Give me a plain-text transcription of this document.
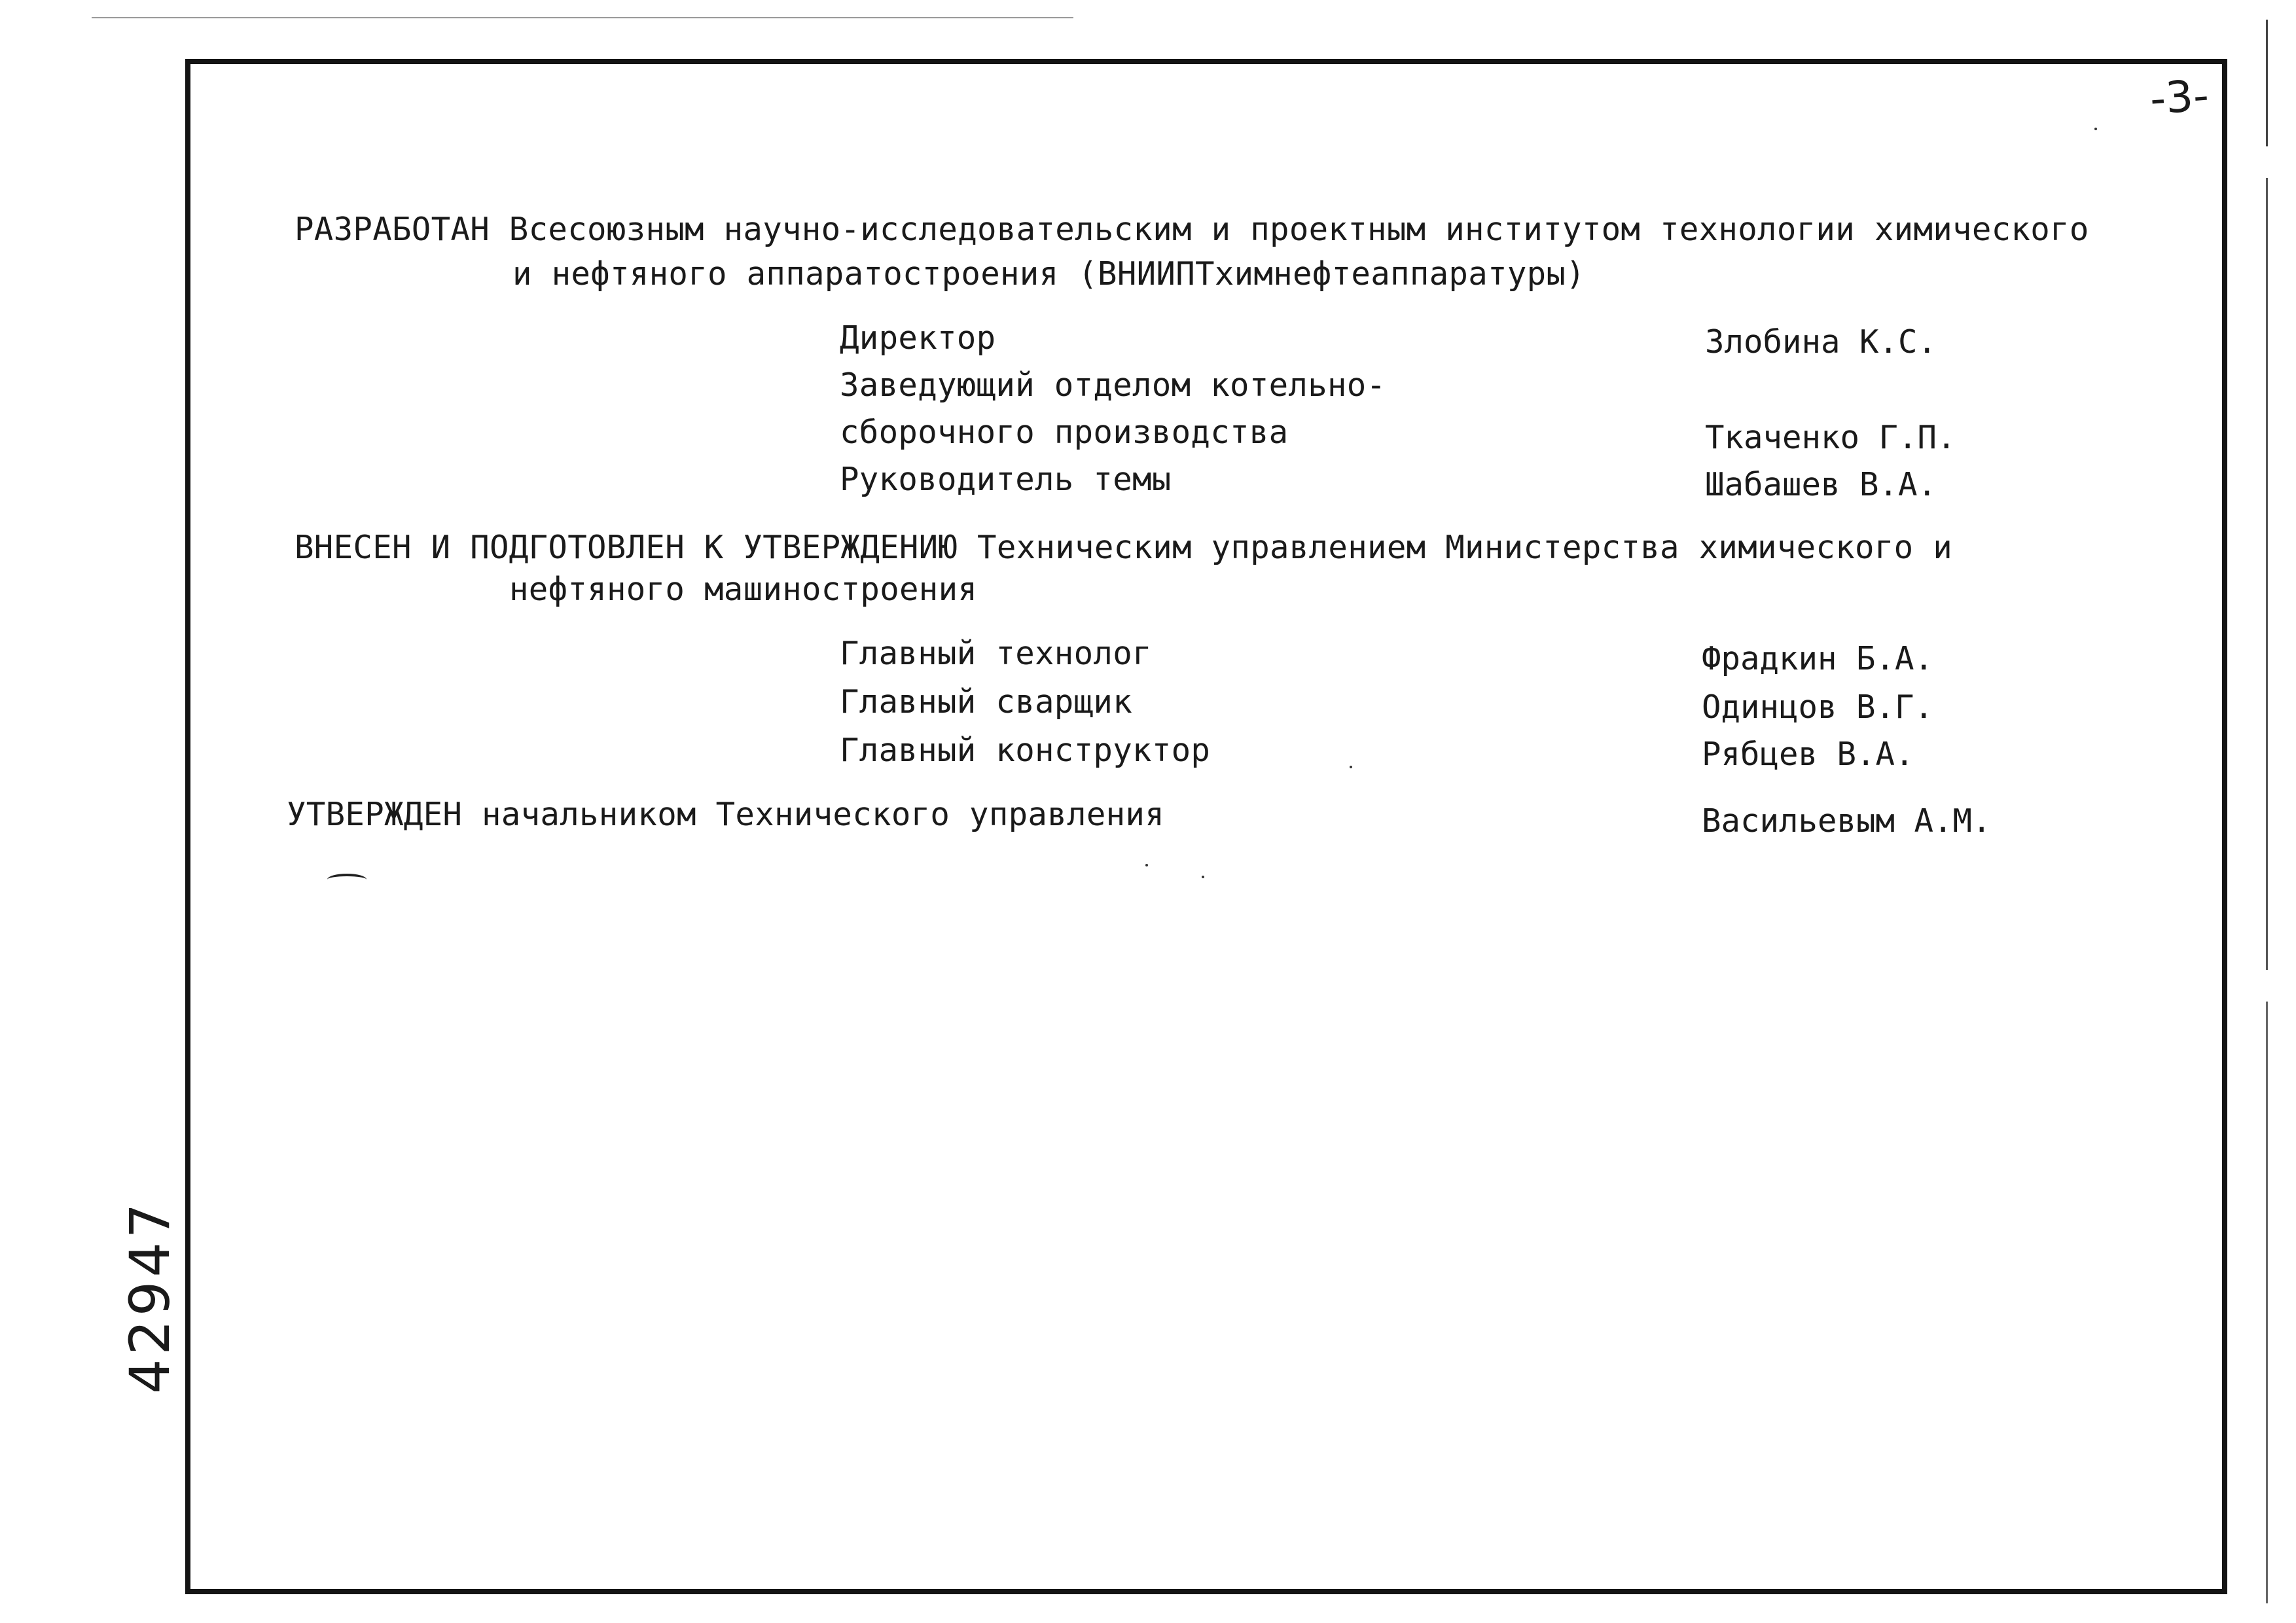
-3-
РАЗРАБОТАН Всесоюзным научно-исследовательским и проектным институтом технологии химического
и нефтяного аппаратостроения (ВНИИПТхимнефтеаппаратуры)
Директор	Злобина К.С.
Заведующий отделом котельно-
сборочного производства	Ткаченко Г.П.
Руководитель темы	Шабашев В.А.
ВНЕСЕН И ПОДГОТОВЛЕН К УТВЕРЖДЕНИЮ Техническим управлением Министерства химического и
нефтяного машиностроения
Главный технолог	Фрадкин Б.А.
Главный сварщик	Одинцов В.Г.
Главный конструктор	Рябцев В.А.
УТВЕРЖДЕН начальником Технического управления	Васильевым А.М.
42947
